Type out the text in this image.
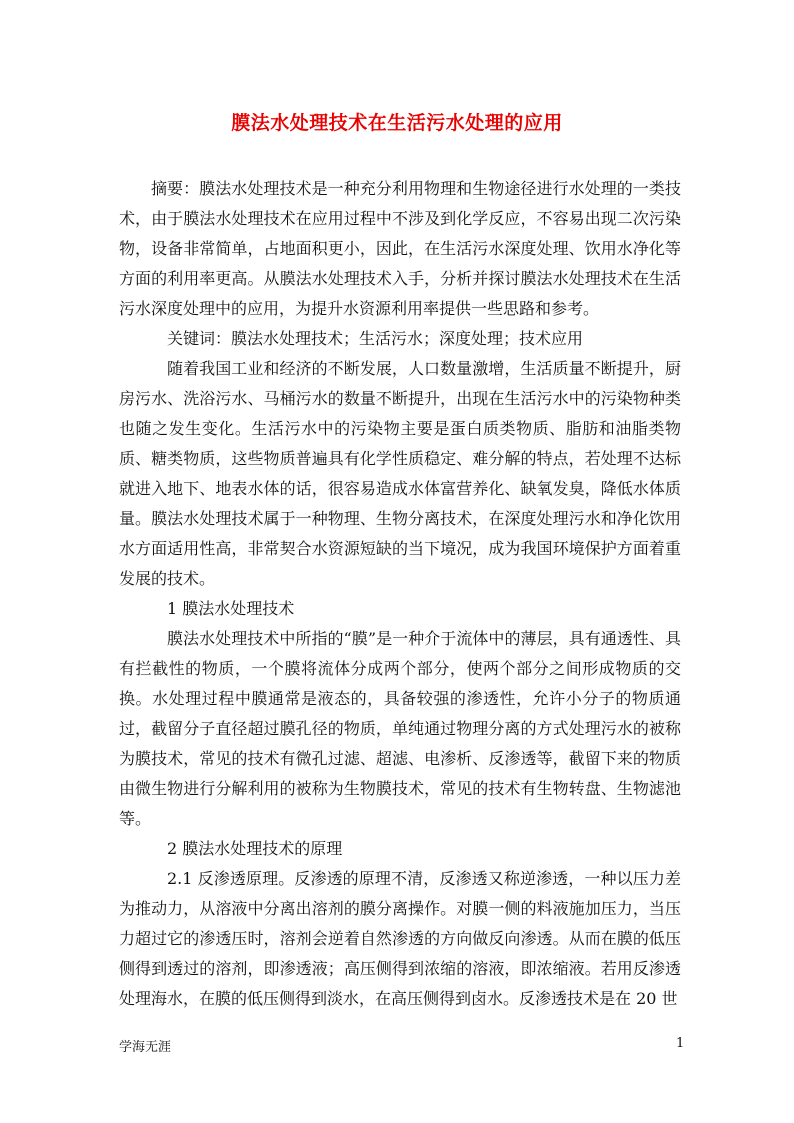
膜法水处理技术在生活污水处理的应用

摘要：膜法水处理技术是一种充分利用物理和生物途径进行水处理的一类技术，由于膜法水处理技术在应用过程中不涉及到化学反应，不容易出现二次污染物，设备非常简单，占地面积更小，因此，在生活污水深度处理、饮用水净化等方面的利用率更高。从膜法水处理技术入手，分析并探讨膜法水处理技术在生活污水深度处理中的应用，为提升水资源利用率提供一些思路和参考。

关键词：膜法水处理技术；生活污水；深度处理；技术应用

随着我国工业和经济的不断发展，人口数量激增，生活质量不断提升，厨房污水、洗浴污水、马桶污水的数量不断提升，出现在生活污水中的污染物种类也随之发生变化。生活污水中的污染物主要是蛋白质类物质、脂肪和油脂类物质、糖类物质，这些物质普遍具有化学性质稳定、难分解的特点，若处理不达标就进入地下、地表水体的话，很容易造成水体富营养化、缺氧发臭，降低水体质量。膜法水处理技术属于一种物理、生物分离技术，在深度处理污水和净化饮用水方面适用性高，非常契合水资源短缺的当下境况，成为我国环境保护方面着重发展的技术。

1 膜法水处理技术

膜法水处理技术中所指的“膜”是一种介于流体中的薄层，具有通透性、具有拦截性的物质，一个膜将流体分成两个部分，使两个部分之间形成物质的交换。水处理过程中膜通常是液态的，具备较强的渗透性，允许小分子的物质通过，截留分子直径超过膜孔径的物质，单纯通过物理分离的方式处理污水的被称为膜技术，常见的技术有微孔过滤、超滤、电渗析、反渗透等，截留下来的物质由微生物进行分解利用的被称为生物膜技术，常见的技术有生物转盘、生物滤池等。

2 膜法水处理技术的原理

2.1 反渗透原理。反渗透的原理不清，反渗透又称逆渗透，一种以压力差为推动力，从溶液中分离出溶剂的膜分离操作。对膜一侧的料液施加压力，当压力超过它的渗透压时，溶剂会逆着自然渗透的方向做反向渗透。从而在膜的低压侧得到透过的溶剂，即渗透液；高压侧得到浓缩的溶液，即浓缩液。若用反渗透处理海水，在膜的低压侧得到淡水，在高压侧得到卤水。反渗透技术是在 20 世

学海无涯	1
